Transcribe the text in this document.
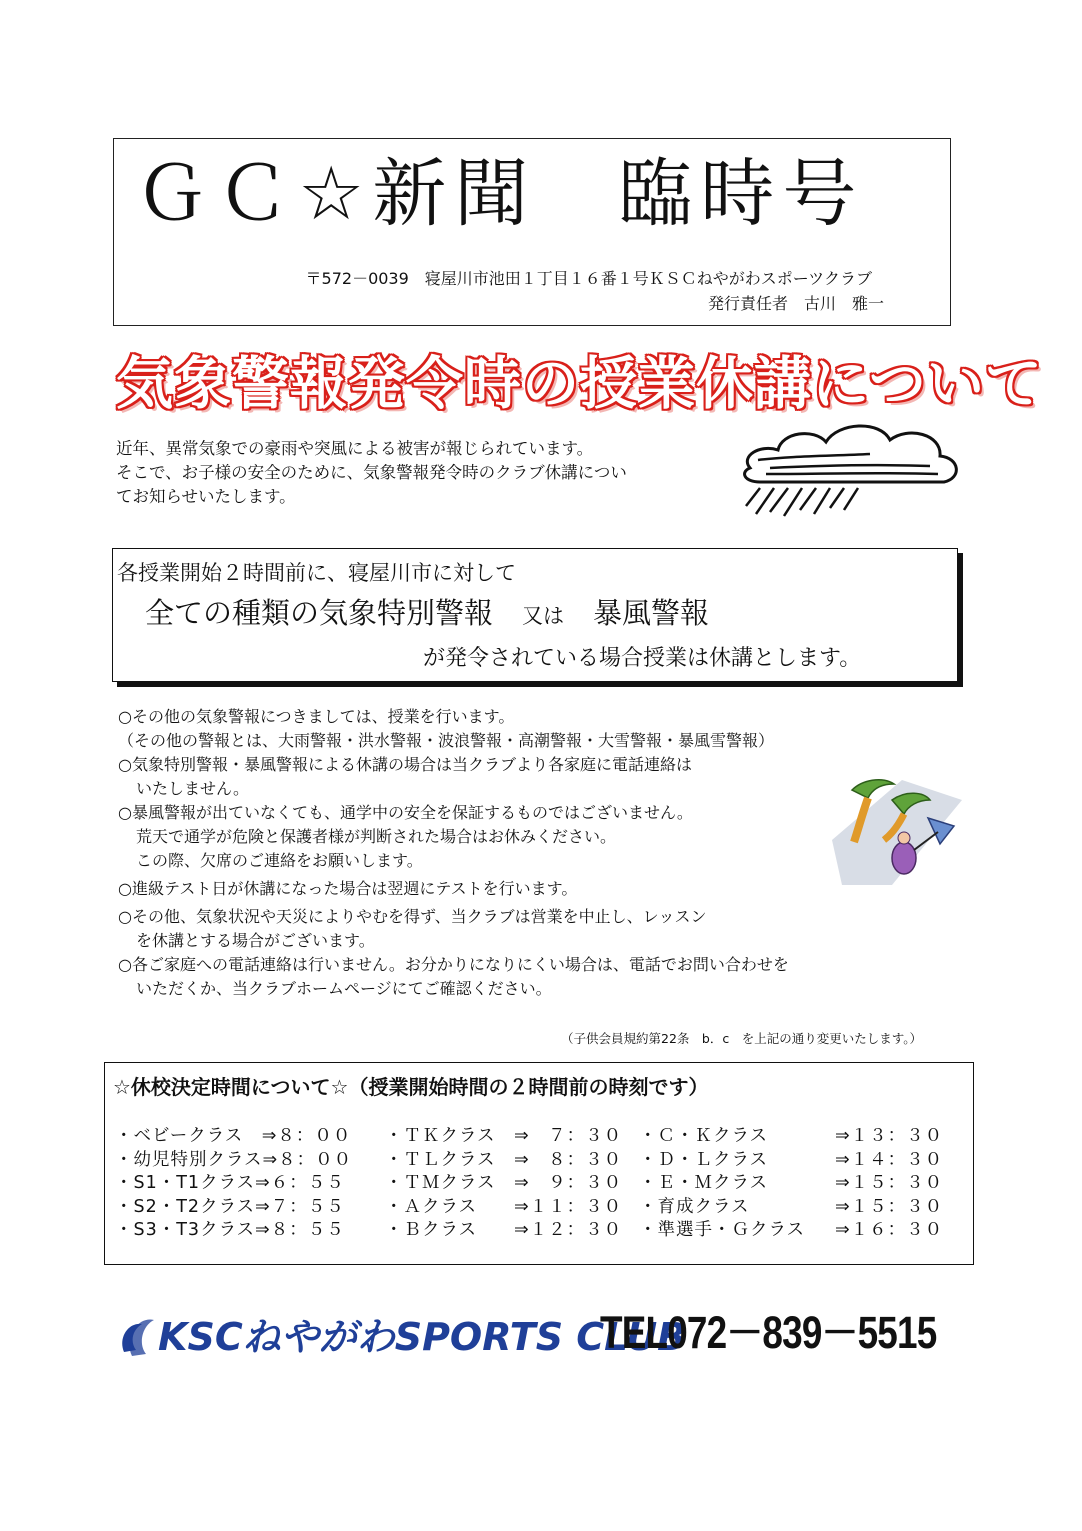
ＧＣ☆新聞　臨時号
〒572－0039　寝屋川市池田１丁目１６番１号ＫＳＣねやがわスポーツクラブ
発行責任者　古川　雅一
気象警報発令時の授業休講について
近年、異常気象での豪雨や突風による被害が報じられています。
そこで、お子様の安全のために、気象警報発令時のクラブ休講につい
てお知らせいたします。
各授業開始２時間前に、寝屋川市に対して
全ての種類の気象特別警報　 又は　 暴風警報
が発令されている場合授業は休講とします。
○その他の気象警報につきましては、授業を行います。
（その他の警報とは、大雨警報・洪水警報・波浪警報・高潮警報・大雪警報・暴風雪警報）
○気象特別警報・暴風警報による休講の場合は当クラブより各家庭に電話連絡は
いたしません。
○暴風警報が出ていなくても、通学中の安全を保証するものではございません。
荒天で通学が危険と保護者様が判断された場合はお休みください。
この際、欠席のご連絡をお願いします。
○進級テスト日が休講になった場合は翌週にテストを行います。
○その他、気象状況や天災によりやむを得ず、当クラブは営業を中止し、レッスン
を休講とする場合がございます。
○各ご家庭への電話連絡は行いません。お分かりになりにくい場合は、電話でお問い合わせを
いただくか、当クラブホームページにてご確認ください。
（子供会員規約第22条　b．c　を上記の通り変更いたします。）
☆休校決定時間について☆（授業開始時間の２時間前の時刻です）
・ベビークラス　⇒８：００
・幼児特別クラス⇒８：００
・S1・T1クラス⇒６：５５
・S2・T2クラス⇒７：５５
・S3・T3クラス⇒８：５５
・ＴＫクラス　⇒　７：３０
・ＴＬクラス　⇒　８：３０
・ＴＭクラス　⇒　９：３０
・Ａクラス　　⇒１１：３０
・Ｂクラス　　⇒１２：３０
・Ｃ・Ｋクラス
・Ｄ・Ｌクラス
・Ｅ・Ｍクラス
・育成クラス
・準選手・Ｇクラス
⇒１３：３０
⇒１４：３０
⇒１５：３０
⇒１５：３０
⇒１６：３０
KSCねやがわSPORTS CLUB
TEL072－839－5515
